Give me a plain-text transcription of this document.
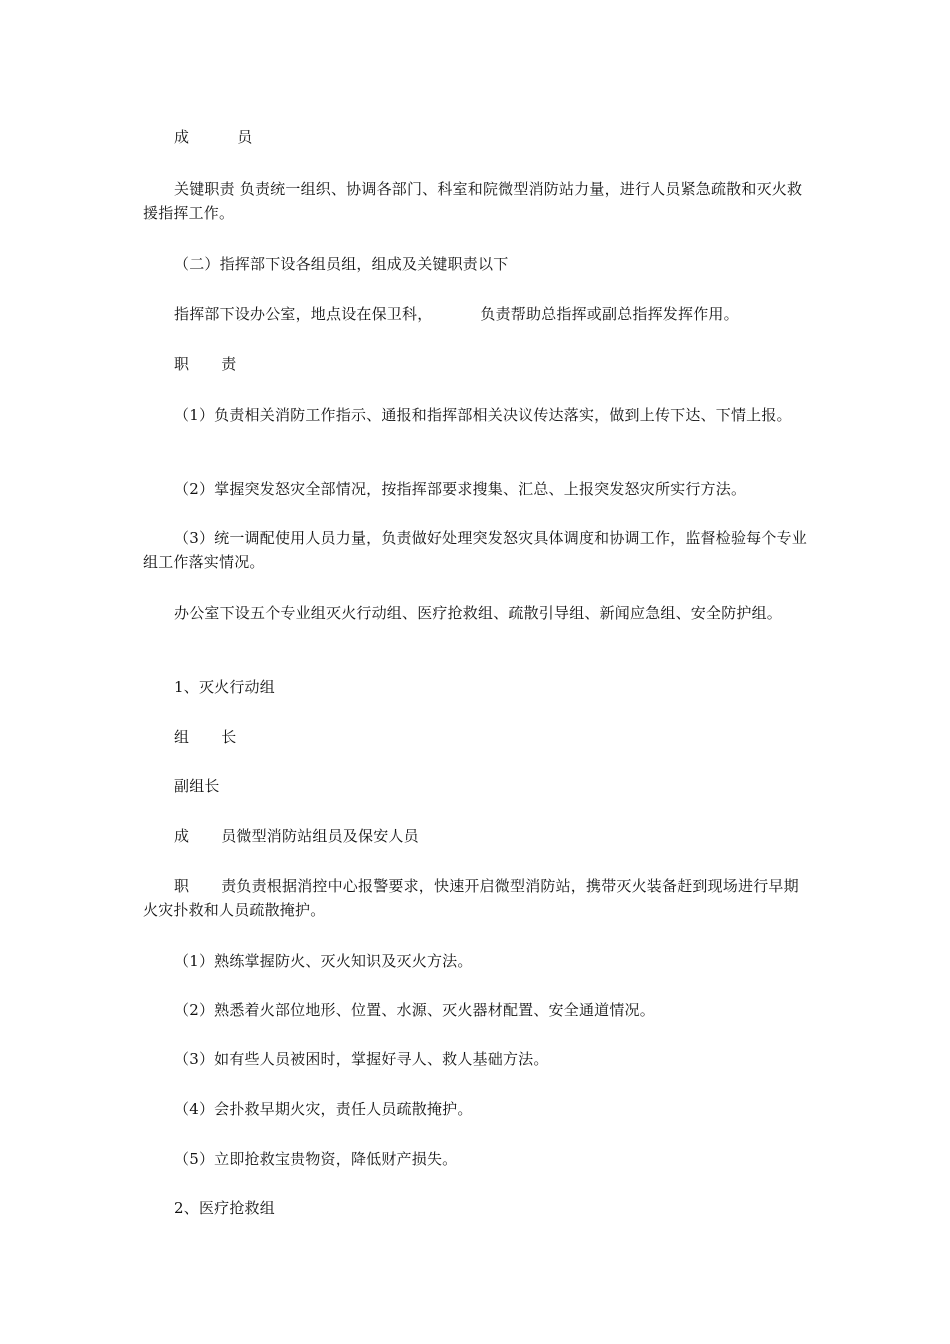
成	员
关键职责 负责统一组织、协调各部门、科室和院微型消防站力量，进行人员紧急疏散和灭火救援指挥工作。
（二）指挥部下设各组员组，组成及关键职责以下
指挥部下设办公室，地点设在保卫科，	负责帮助总指挥或副总指挥发挥作用。
职 责
（1）负责相关消防工作指示、通报和指挥部相关决议传达落实，做到上传下达、下情上报。
（2）掌握突发怒灾全部情况，按指挥部要求搜集、汇总、上报突发怒灾所实行方法。
（3）统一调配使用人员力量，负责做好处理突发怒灾具体调度和协调工作，监督检验每个专业组工作落实情况。
办公室下设五个专业组灭火行动组、医疗抢救组、疏散引导组、新闻应急组、安全防护组。
1、灭火行动组
组 长
副组长
成 员微型消防站组员及保安人员
职 责负责根据消控中心报警要求，快速开启微型消防站，携带灭火装备赶到现场进行早期火灾扑救和人员疏散掩护。
（1）熟练掌握防火、灭火知识及灭火方法。
（2）熟悉着火部位地形、位置、水源、灭火器材配置、安全通道情况。
（3）如有些人员被困时，掌握好寻人、救人基础方法。
（4）会扑救早期火灾，责任人员疏散掩护。
（5）立即抢救宝贵物资，降低财产损失。
2、医疗抢救组
